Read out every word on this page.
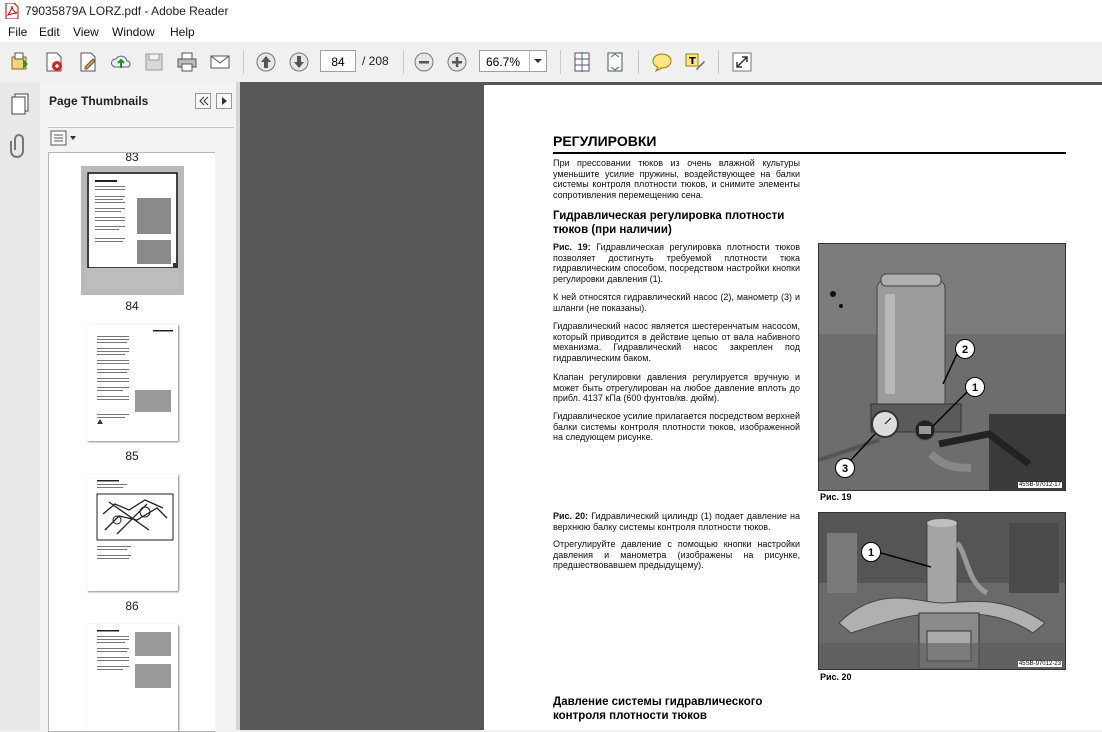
79035879A LORZ.pdf - Adobe Reader
File Edit View Window Help
84	/ 208	66.7%	T
Page Thumbnails
83
84
85
86
РЕГУЛИРОВКИ

При прессовании тюков из очень влажной культуры уменьшите усилие пружины, воздействующее на балки системы контроля плотности тюков, и снимите элементы сопротивления перемещению сена.

Гидравлическая регулировка плотности тюков (при наличии)

Рис. 19: Гидравлическая регулировка плотности тюков позволяет достигнуть требуемой плотности тюка гидравлическим способом, посредством настройки кнопки регулировки давления (1).

К ней относятся гидравлический насос (2), манометр (3) и шланги (не показаны).

Гидравлический насос является шестеренчатым насосом, который приводится в действие цепью от вала набивного механизма. Гидравлический насос закреплен под гидравлическим баком.

Клапан регулировки давления регулируется вручную и может быть отрегулирован на любое давление вплоть до прибл. 4137 кПа (600 фунтов/кв. дюйм).

Гидравлическое усилие прилагается посредством верхней балки системы контроля плотности тюков, изображенной на следующем рисунке.

Рис. 20: Гидравлический цилиндр (1) подает давление на верхнюю балку системы контроля плотности тюков.

Отрегулируйте давление с помощью кнопки настройки давления и манометра (изображены на рисунке, предшествовавшем предыдущему).

Давление системы гидравлического контроля плотности тюков

2
1
3
45SB-97012-17
Рис. 19
1
45SB-97012-23
Рис. 20
